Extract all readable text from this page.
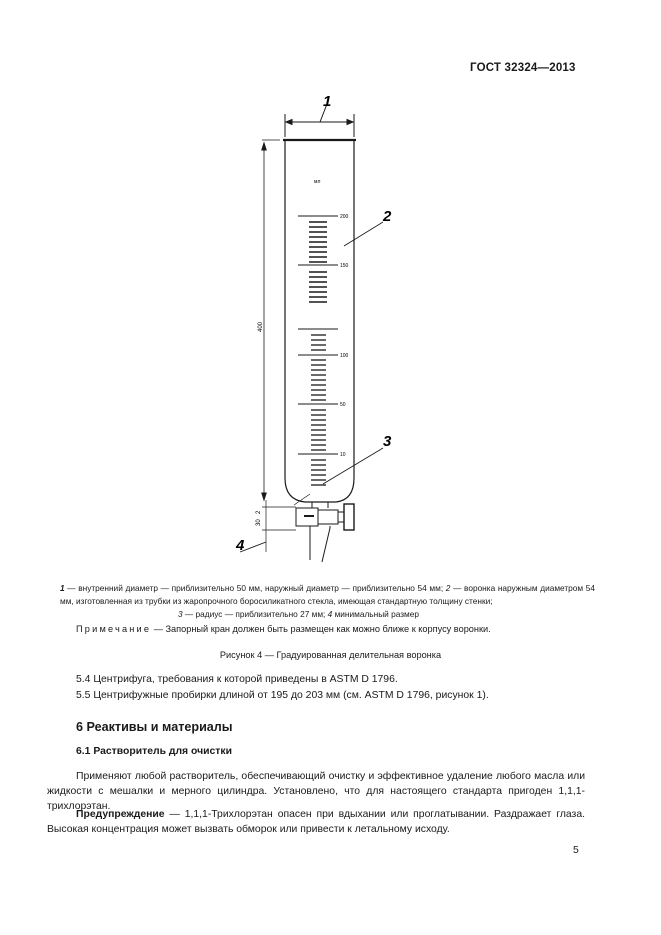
ГОСТ 32324—2013
1
2
3
4
мл
200
150
100
50
10
400
2
30
1 — внутренний диаметр — приблизительно 50 мм, наружный диаметр — приблизительно 54 мм; 2 — воронка наружным диаметром 54 мм, изготовленная из трубки из жаропрочного боросиликатного стекла, имеющая стандартную толщину стенки;
3 — радиус — приблизительно 27 мм; 4 минимальный размер
Примечание — Запорный кран должен быть размещен как можно ближе к корпусу воронки.
Рисунок 4 — Градуированная делительная воронка
5.4 Центрифуга, требования к которой приведены в ASTM D 1796.
5.5 Центрифужные пробирки длиной от 195 до 203 мм (см. ASTM D 1796, рисунок 1).
6 Реактивы и материалы
6.1 Растворитель для очистки
Применяют любой растворитель, обеспечивающий очистку и эффективное удаление любого масла или жидкости с мешалки и мерного цилиндра. Установлено, что для настоящего стандарта пригоден 1,1,1-трихлорэтан.
Предупреждение — 1,1,1-Трихлорэтан опасен при вдыхании или проглатывании. Раздражает глаза. Высокая концентрация может вызвать обморок или привести к летальному исходу.
5
